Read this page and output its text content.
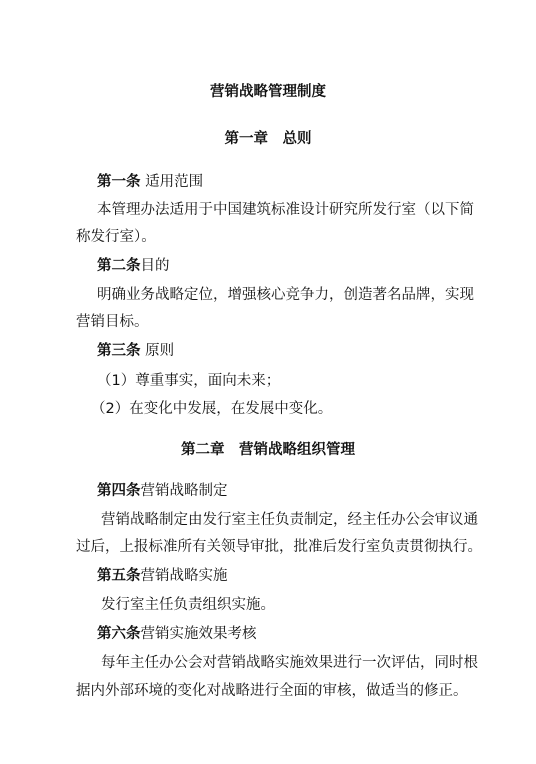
营销战略管理制度
第一章　总则
第一条 适用范围
本管理办法适用于中国建筑标准设计研究所发行室（以下简
称发行室）。
第二条目的
明确业务战略定位，增强核心竞争力，创造著名品牌，实现
营销目标。
第三条 原则
（1）尊重事实，面向未来；
（2）在变化中发展，在发展中变化。
第二章　营销战略组织管理
第四条营销战略制定
营销战略制定由发行室主任负责制定，经主任办公会审议通
过后，上报标准所有关领导审批，批准后发行室负责贯彻执行。
第五条营销战略实施
发行室主任负责组织实施。
第六条营销实施效果考核
每年主任办公会对营销战略实施效果进行一次评估，同时根
据内外部环境的变化对战略进行全面的审核，做适当的修正。
